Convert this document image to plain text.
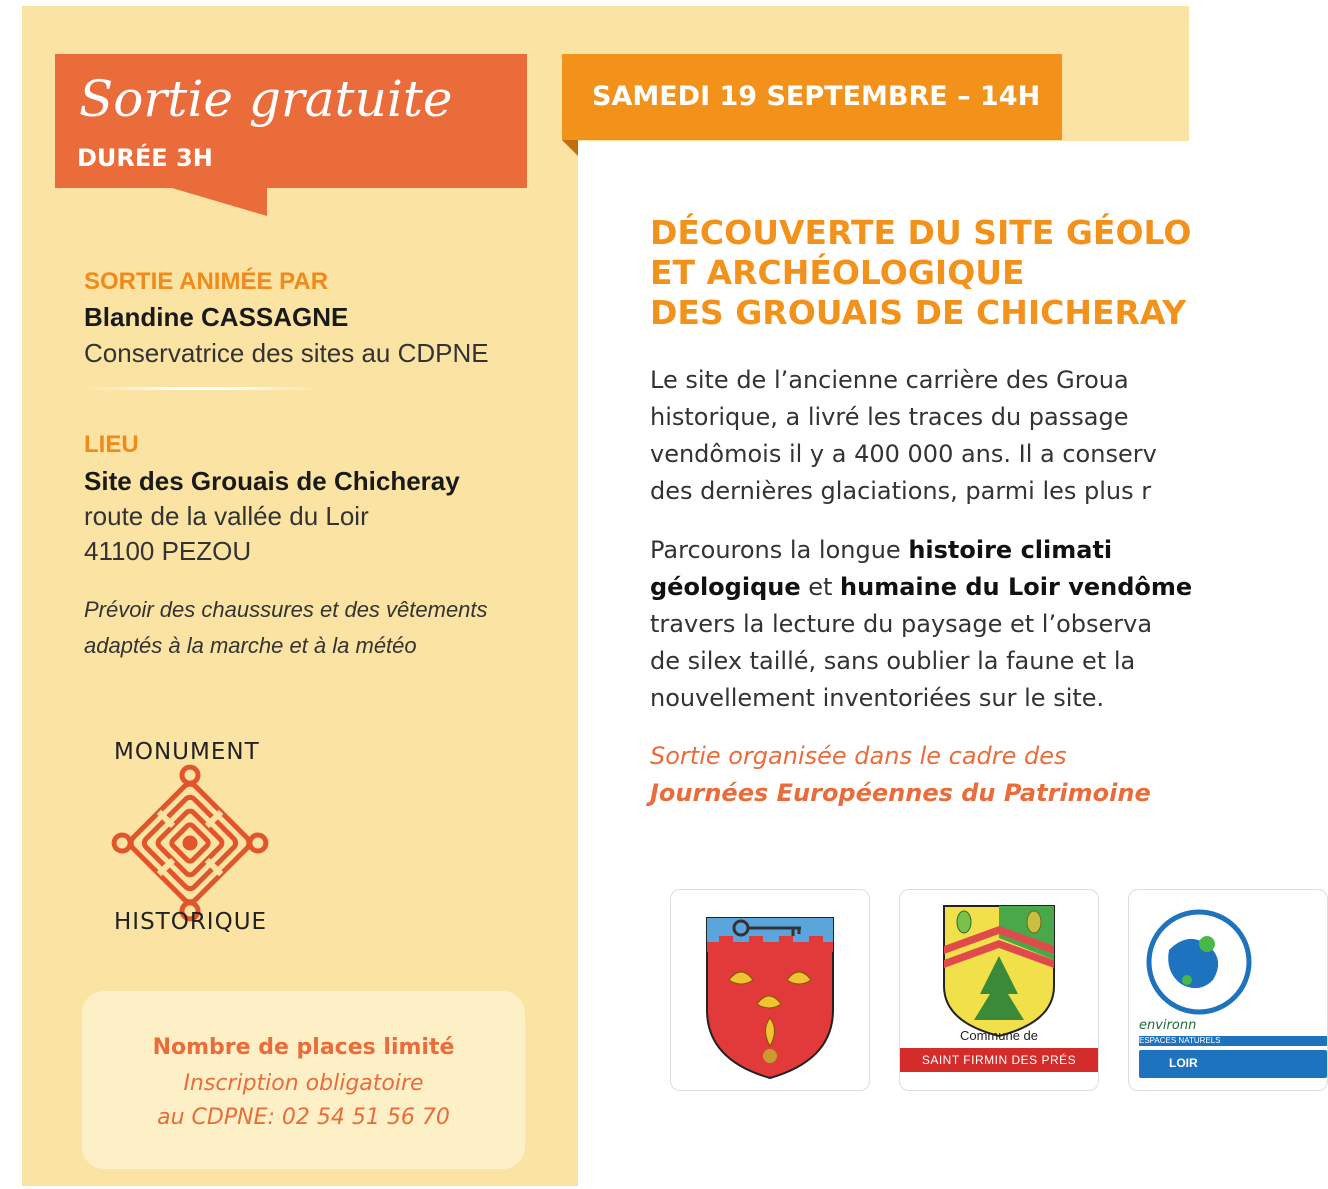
Sortie gratuite
DURÉE 3H
SORTIE ANIMÉE PAR
Blandine CASSAGNE
Conservatrice des sites au CDPNE
LIEU
Site des Grouais de Chicheray
route de la vallée du Loir
41100 PEZOU
Prévoir des chaussures et des vêtements
adaptés à la marche et à la météo
MONUMENT
HISTORIQUE
Nombre de places limité
Inscription obligatoire
au CDPNE: 02 54 51 56 70
DÉCOUVERTE DU SITE GÉOLO
ET ARCHÉOLOGIQUE
DES GROUAIS DE CHICHERAY
Le site de l’ancienne carrière des Groua
historique, a livré les traces du passage
vendômois il y a 400 000 ans. Il a conserv
des dernières glaciations, parmi les plus r
Parcourons la longue histoire climati
géologique et humaine du Loir vendôme
travers la lecture du paysage et l’observa
de silex taillé, sans oublier la faune et la
nouvellement inventoriées sur le site.
Sortie organisée dans le cadre des
Journées Européennes du Patrimoine
Commune de
SAINT FIRMIN DES PRÉS
environn
ESPACES NATURELS
LOIR
SAMEDI 19 SEPTEMBRE – 14H
